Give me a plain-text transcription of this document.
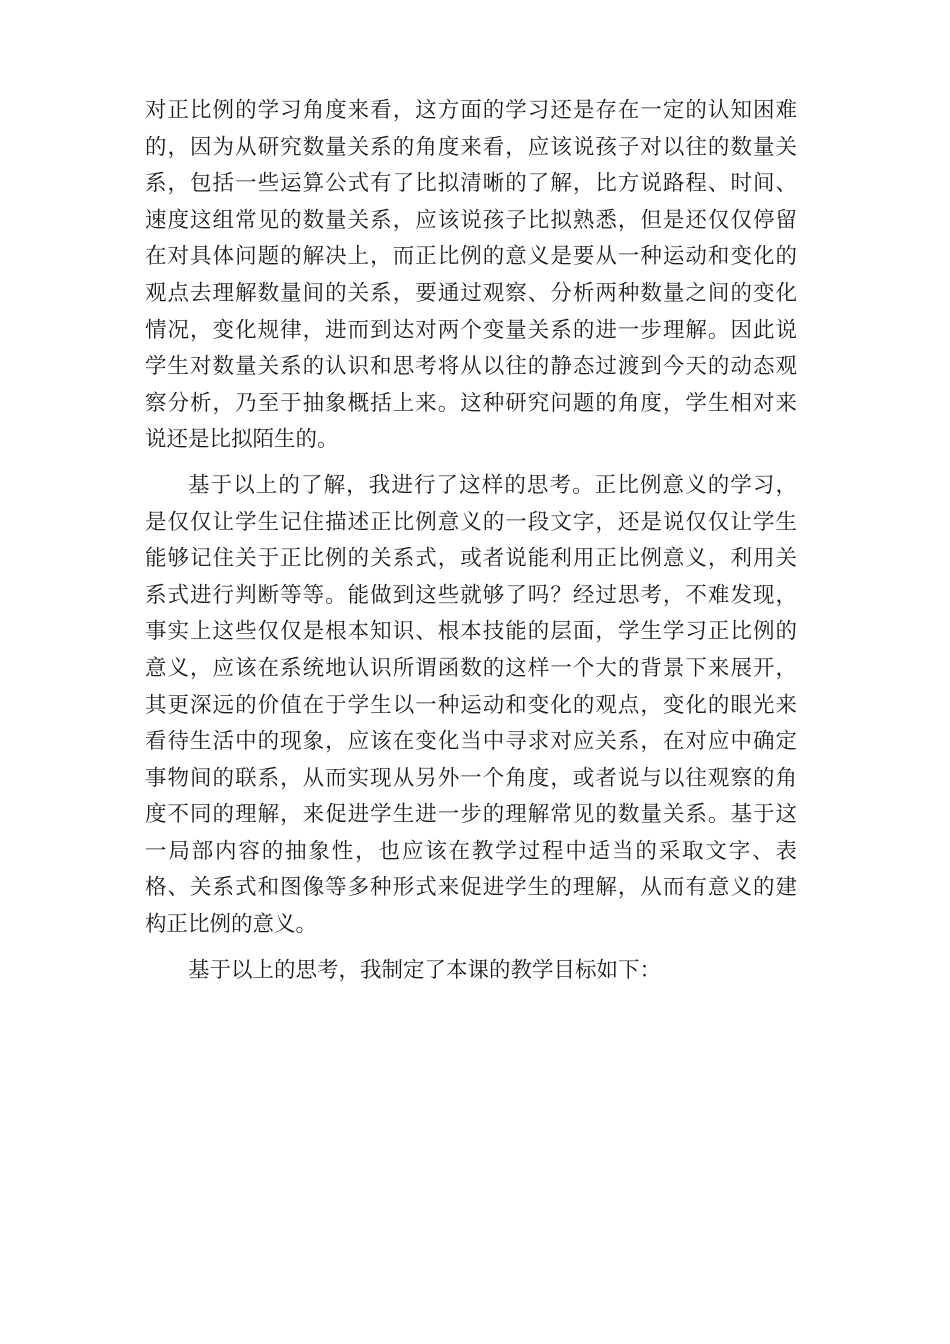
对正比例的学习角度来看，这方面的学习还是存在一定的认知困难
的，因为从研究数量关系的角度来看，应该说孩子对以往的数量关
系，包括一些运算公式有了比拟清晰的了解，比方说路程、时间、
速度这组常见的数量关系，应该说孩子比拟熟悉，但是还仅仅停留
在对具体问题的解决上，而正比例的意义是要从一种运动和变化的
观点去理解数量间的关系，要通过观察、分析两种数量之间的变化
情况，变化规律，进而到达对两个变量关系的进一步理解。因此说
学生对数量关系的认识和思考将从以往的静态过渡到今天的动态观
察分析，乃至于抽象概括上来。这种研究问题的角度，学生相对来
说还是比拟陌生的。
基于以上的了解，我进行了这样的思考。正比例意义的学习，
是仅仅让学生记住描述正比例意义的一段文字，还是说仅仅让学生
能够记住关于正比例的关系式，或者说能利用正比例意义，利用关
系式进行判断等等。能做到这些就够了吗？经过思考，不难发现，
事实上这些仅仅是根本知识、根本技能的层面，学生学习正比例的
意义，应该在系统地认识所谓函数的这样一个大的背景下来展开，
其更深远的价值在于学生以一种运动和变化的观点，变化的眼光来
看待生活中的现象，应该在变化当中寻求对应关系，在对应中确定
事物间的联系，从而实现从另外一个角度，或者说与以往观察的角
度不同的理解，来促进学生进一步的理解常见的数量关系。基于这
一局部内容的抽象性，也应该在教学过程中适当的采取文字、表
格、关系式和图像等多种形式来促进学生的理解，从而有意义的建
构正比例的意义。
基于以上的思考，我制定了本课的教学目标如下：
